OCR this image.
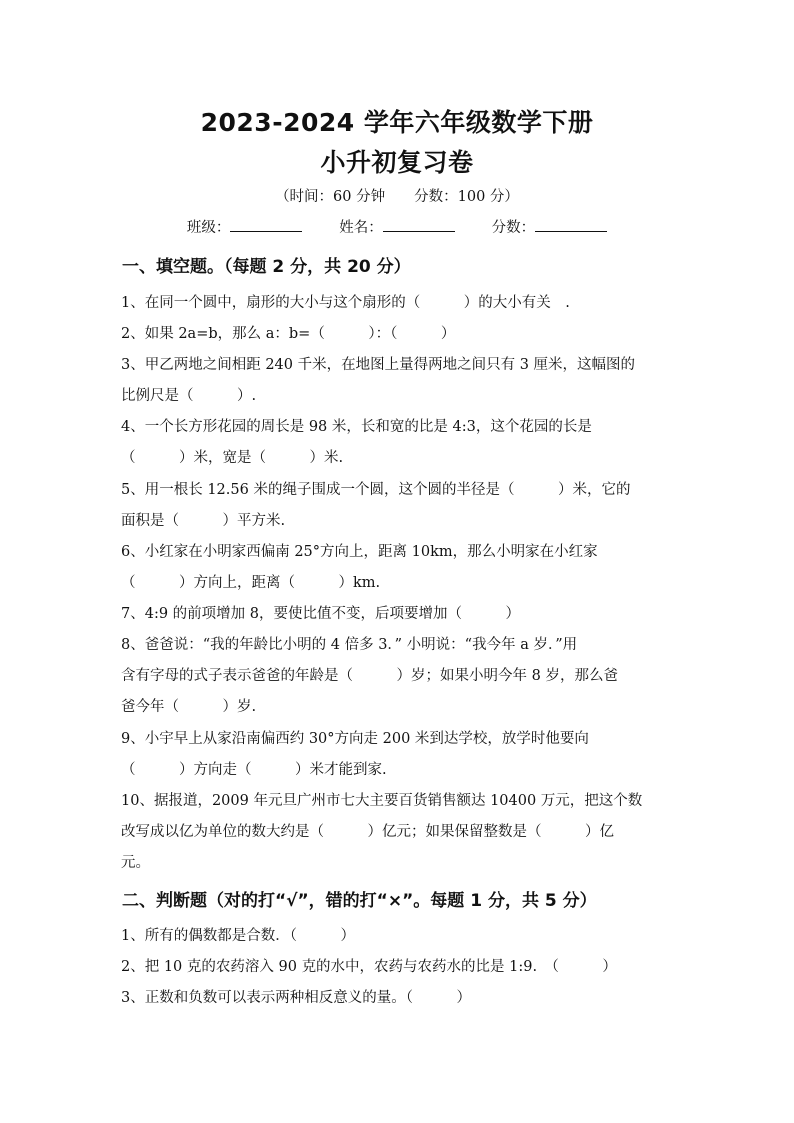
2023-2024 学年六年级数学下册
小升初复习卷
（时间：60 分钟　　分数：100 分）
班级：	姓名：	分数：
一、填空题。（每题 2 分，共 20 分）
1、在同一个圆中，扇形的大小与这个扇形的（　　　）的大小有关　.
2、如果 2a=b，那么 a：b=（　　　）：（　　　）
3、甲乙两地之间相距 240 千米，在地图上量得两地之间只有 3 厘米，这幅图的
比例尺是（　　　）.
4、一个长方形花园的周长是 98 米，长和宽的比是 4:3，这个花园的长是
（　　　）米，宽是（　　　）米.
5、用一根长 12.56 米的绳子围成一个圆，这个圆的半径是（　　　）米，它的
面积是（　　　）平方米.
6、小红家在小明家西偏南 25°方向上，距离 10km，那么小明家在小红家
（　　　）方向上，距离（　　　）km.
7、4:9 的前项增加 8，要使比值不变，后项要增加（　　　）
8、爸爸说：“我的年龄比小明的 4 倍多 3．” 小明说：“我今年 a 岁．”用
含有字母的式子表示爸爸的年龄是（　　　）岁；如果小明今年 8 岁，那么爸
爸今年（　　　）岁.
9、小宇早上从家沿南偏西约 30°方向走 200 米到达学校，放学时他要向
（　　　）方向走（　　　）米才能到家.
10、据报道，2009 年元旦广州市七大主要百货销售额达 10400 万元，把这个数
改写成以亿为单位的数大约是（　　　）亿元；如果保留整数是（　　　）亿
元。
二、判断题（对的打“√”，错的打“×”。每题 1 分，共 5 分）
1、所有的偶数都是合数．（　　　）
2、把 10 克的农药溶入 90 克的水中，农药与农药水的比是 1:9.　（　　　）
3、正数和负数可以表示两种相反意义的量。（　　　）
